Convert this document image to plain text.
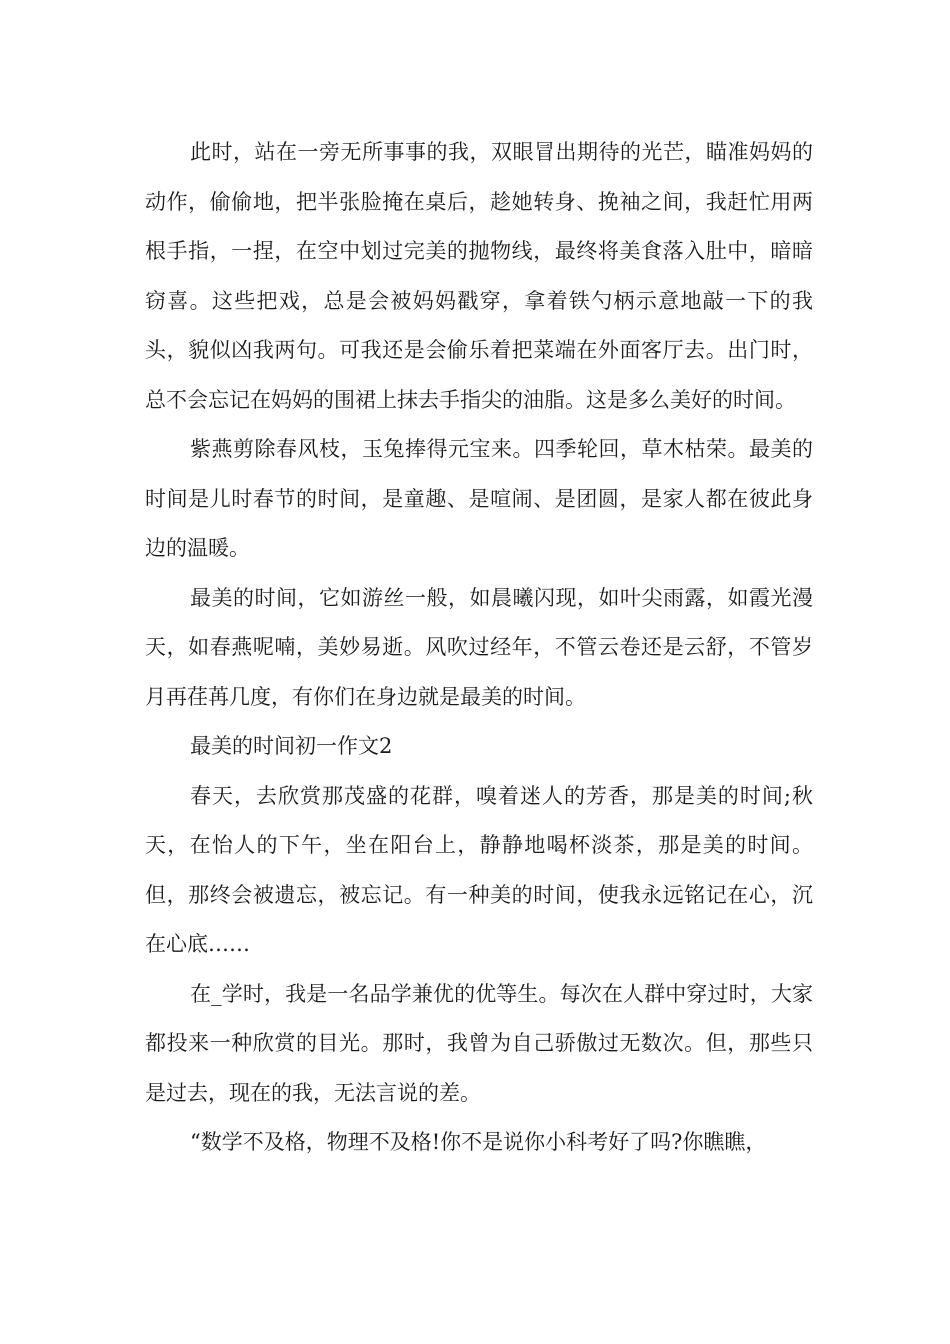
此时，站在一旁无所事事的我，双眼冒出期待的光芒，瞄准妈妈的动作，偷偷地，把半张脸掩在桌后，趁她转身、挽袖之间，我赶忙用两根手指，一捏，在空中划过完美的抛物线，最终将美食落入肚中，暗暗窃喜。这些把戏，总是会被妈妈戳穿，拿着铁勺柄示意地敲一下的我头，貌似凶我两句。可我还是会偷乐着把菜端在外面客厅去。出门时，总不会忘记在妈妈的围裙上抹去手指尖的油脂。这是多么美好的时间。

紫燕剪除春风枝，玉兔捧得元宝来。四季轮回，草木枯荣。最美的时间是儿时春节的时间，是童趣、是喧闹、是团圆，是家人都在彼此身边的温暖。

最美的时间，它如游丝一般，如晨曦闪现，如叶尖雨露，如霞光漫天，如春燕呢喃，美妙易逝。风吹过经年，不管云卷还是云舒，不管岁月再荏苒几度，有你们在身边就是最美的时间。

最美的时间初一作文2

春天，去欣赏那茂盛的花群，嗅着迷人的芳香，那是美的时间;秋天，在怡人的下午，坐在阳台上，静静地喝杯淡茶，那是美的时间。但，那终会被遗忘，被忘记。有一种美的时间，使我永远铭记在心，沉在心底……

在_学时，我是一名品学兼优的优等生。每次在人群中穿过时，大家都投来一种欣赏的目光。那时，我曾为自己骄傲过无数次。但，那些只是过去，现在的我，无法言说的差。

“数学不及格，物理不及格!你不是说你小科考好了吗?你瞧瞧，
